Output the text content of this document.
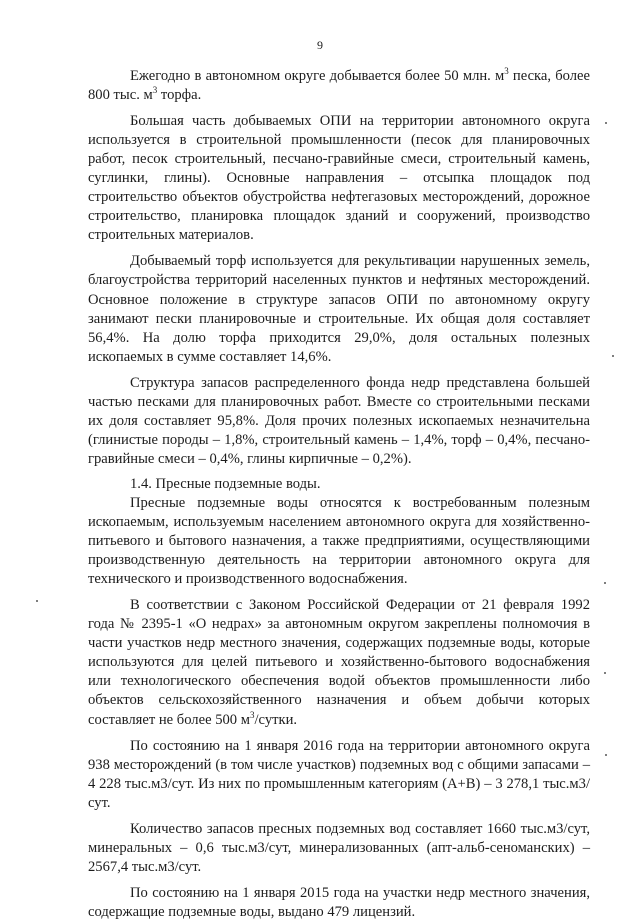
9

Ежегодно в автономном округе добывается более 50 млн. $м^3$ песка, более 800 тыс. $м^3$ торфа.

Большая часть добываемых ОПИ на территории автономного округа используется в строительной промышленности (песок для планировочных работ, песок строительный, песчано-гравийные смеси, строительный камень, суглинки, глины). Основные направления – отсыпка площадок под строительство объектов обустройства нефтегазовых месторождений, дорожное строительство, планировка площадок зданий и сооружений, производство строительных материалов.

Добываемый торф используется для рекультивации нарушенных земель, благоустройства территорий населенных пунктов и нефтяных месторождений. Основное положение в структуре запасов ОПИ по автономному округу занимают пески планировочные и строительные. Их общая доля составляет 56,4%. На долю торфа приходится 29,0%, доля остальных полезных ископаемых в сумме составляет 14,6%.

Структура запасов распределенного фонда недр представлена большей частью песками для планировочных работ. Вместе со строительными песками их доля составляет 95,8%. Доля прочих полезных ископаемых незначительна (глинистые породы – 1,8%, строительный камень – 1,4%, торф – 0,4%, песчано-гравийные смеси – 0,4%, глины кирпичные – 0,2%).

1.4. Пресные подземные воды.

Пресные подземные воды относятся к востребованным полезным ископаемым, используемым населением автономного округа для хозяйственно-питьевого и бытового назначения, а также предприятиями, осуществляющими производственную деятельность на территории автономного округа для технического и производственного водоснабжения.

В соответствии с Законом Российской Федерации от 21 февраля 1992 года № 2395-1 «О недрах» за автономным округом закреплены полномочия в части участков недр местного значения, содержащих подземные воды, которые используются для целей питьевого и хозяйственно-бытового водоснабжения или технологического обеспечения водой объектов промышленности либо объектов сельскохозяйственного назначения и объем добычи которых составляет не более 500 $м^3$/сутки.

По состоянию на 1 января 2016 года на территории автономного округа 938 месторождений (в том числе участков) подземных вод с общими запасами – 4 228 тыс.м3/сут. Из них по промышленным категориям (А+В) – 3 278,1 тыс.м3/сут.

Количество запасов пресных подземных вод составляет 1660 тыс.м3/сут, минеральных – 0,6 тыс.м3/сут, минерализованных (апт-альб-сеноманских) – 2567,4 тыс.м3/сут.

По состоянию на 1 января 2015 года на участки недр местного значения, содержащие подземные воды, выдано 479 лицензий.
